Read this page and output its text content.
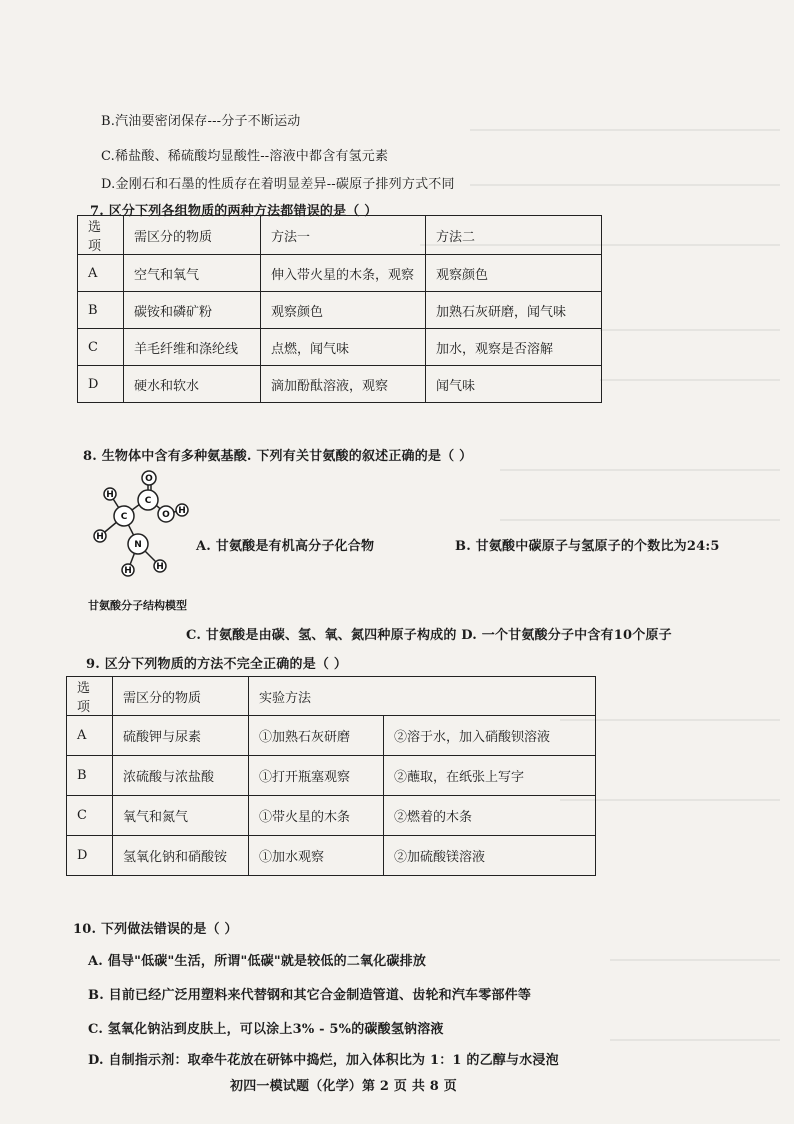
B.汽油要密闭保存---分子不断运动
C.稀盐酸、稀硫酸均显酸性--溶液中都含有氢元素
D.金刚石和石墨的性质存在着明显差异--碳原子排列方式不同
7. 区分下列各组物质的两种方法都错误的是（ ）
选项	需区分的物质	方法一	方法二
A	空气和氧气	伸入带火星的木条，观察	观察颜色
B	碳铵和磷矿粉	观察颜色	加熟石灰研磨，闻气味
C	羊毛纤维和涤纶线	点燃，闻气味	加水，观察是否溶解
D	硬水和软水	滴加酚酞溶液，观察	闻气味
8. 生物体中含有多种氨基酸. 下列有关甘氨酸的叙述正确的是（ ）
O
C
O H
C
H
H
N
H	H
甘氨酸分子结构模型
A. 甘氨酸是有机高分子化合物	B. 甘氨酸中碳原子与氢原子的个数比为24:5
C. 甘氨酸是由碳、氢、氧、氮四种原子构成的 D. 一个甘氨酸分子中含有10个原子
9. 区分下列物质的方法不完全正确的是（ ）
选项	需区分的物质	实验方法	
A	硫酸钾与尿素	①加熟石灰研磨	②溶于水，加入硝酸钡溶液
B	浓硫酸与浓盐酸	①打开瓶塞观察	②蘸取，在纸张上写字
C	氧气和氮气	①带火星的木条	②燃着的木条
D	氢氧化钠和硝酸铵	①加水观察	②加硫酸镁溶液
10. 下列做法错误的是（ ）
A. 倡导"低碳"生活，所谓"低碳"就是较低的二氧化碳排放
B. 目前已经广泛用塑料来代替钢和其它合金制造管道、齿轮和汽车零部件等
C. 氢氧化钠沾到皮肤上，可以涂上3% - 5%的碳酸氢钠溶液
D. 自制指示剂：取牵牛花放在研钵中捣烂，加入体积比为 1：1 的乙醇与水浸泡
初四一模试题（化学）第 2 页 共 8 页
